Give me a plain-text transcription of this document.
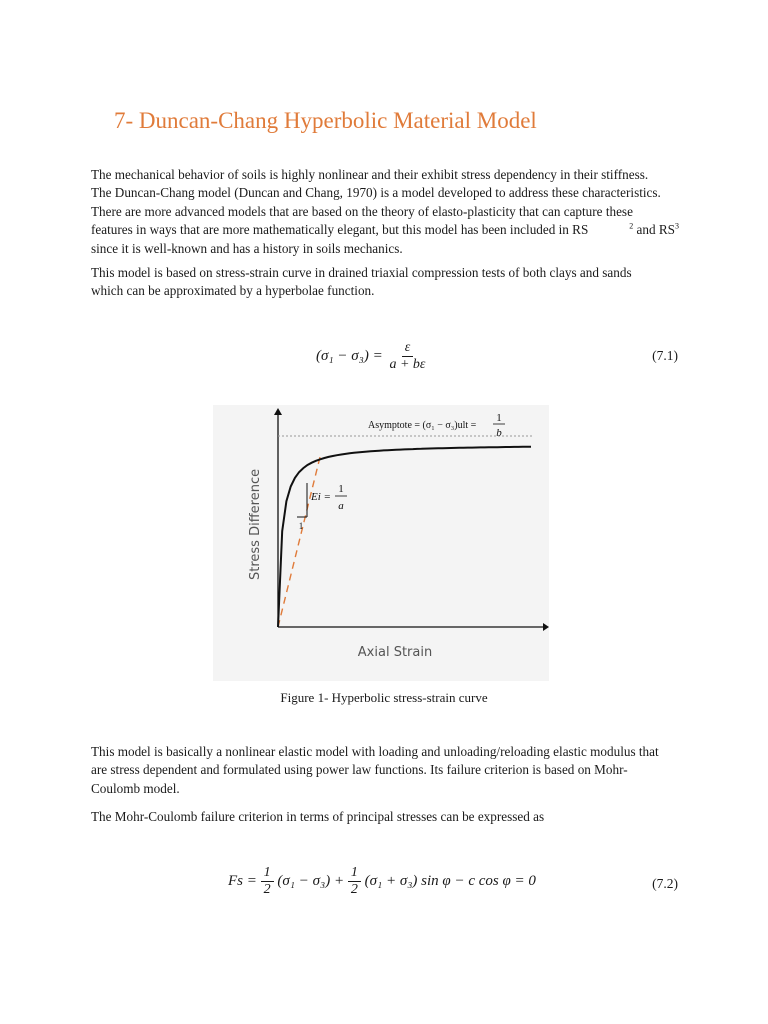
7- Duncan-Chang Hyperbolic Material Model
The mechanical behavior of soils is highly nonlinear and their exhibit stress dependency in their stiffness.
The Duncan-Chang model (Duncan and Chang, 1970) is a model developed to address these characteristics.
There are more advanced models that are based on the theory of elasto-plasticity that can capture these
features in ways that are more mathematically elegant, but this model has been included in RS	$^2$ and $RS^3$
since it is well-known and has a history in soils mechanics.
This model is based on stress-strain curve in drained triaxial compression tests of both clays and sands
which can be approximated by a hyperbolae function.
$(\sigma_1 - \sigma_3) = \frac{\varepsilon}{a + b\varepsilon}$	(7.1)
Asymptote = (σ₁ − σ₃)ult =
1
b
Ei =
1
a
1
Stress Difference
Axial Strain
Figure 1- Hyperbolic stress-strain curve
This model is basically a nonlinear elastic model with loading and unloading/reloading elastic modulus that
are stress dependent and formulated using power law functions. Its failure criterion is based on Mohr-
Coulomb model.
The Mohr-Coulomb failure criterion in terms of principal stresses can be expressed as
$Fs = \frac{1}{2} (\sigma_1 - \sigma_3) + \frac{1}{2} (\sigma_1 + \sigma_3)$ sin φ − c cos φ = 0	(7.2)
